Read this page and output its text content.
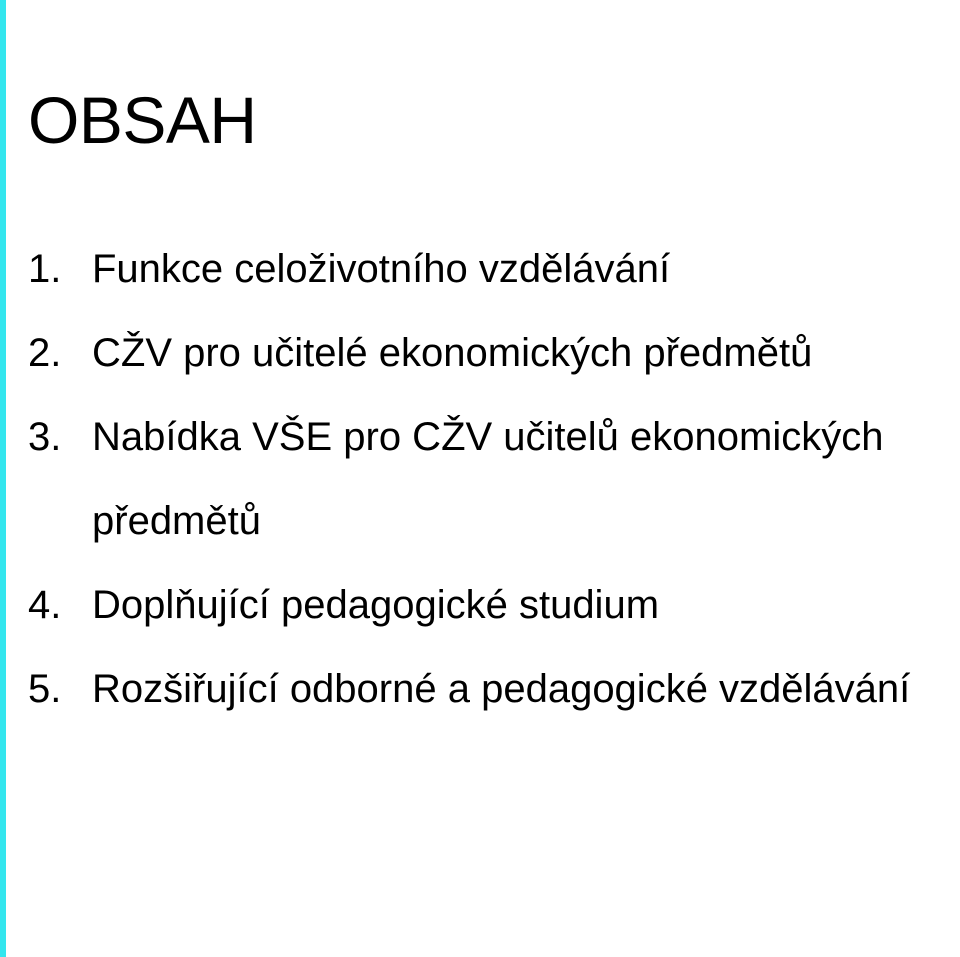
OBSAH
1. Funkce celoživotního vzdělávání
2. CŽV pro učitelé ekonomických předmětů
3. Nabídka VŠE pro CŽV učitelů ekonomických předmětů
4. Doplňující pedagogické studium
5. Rozšiřující odborné a pedagogické vzdělávání
